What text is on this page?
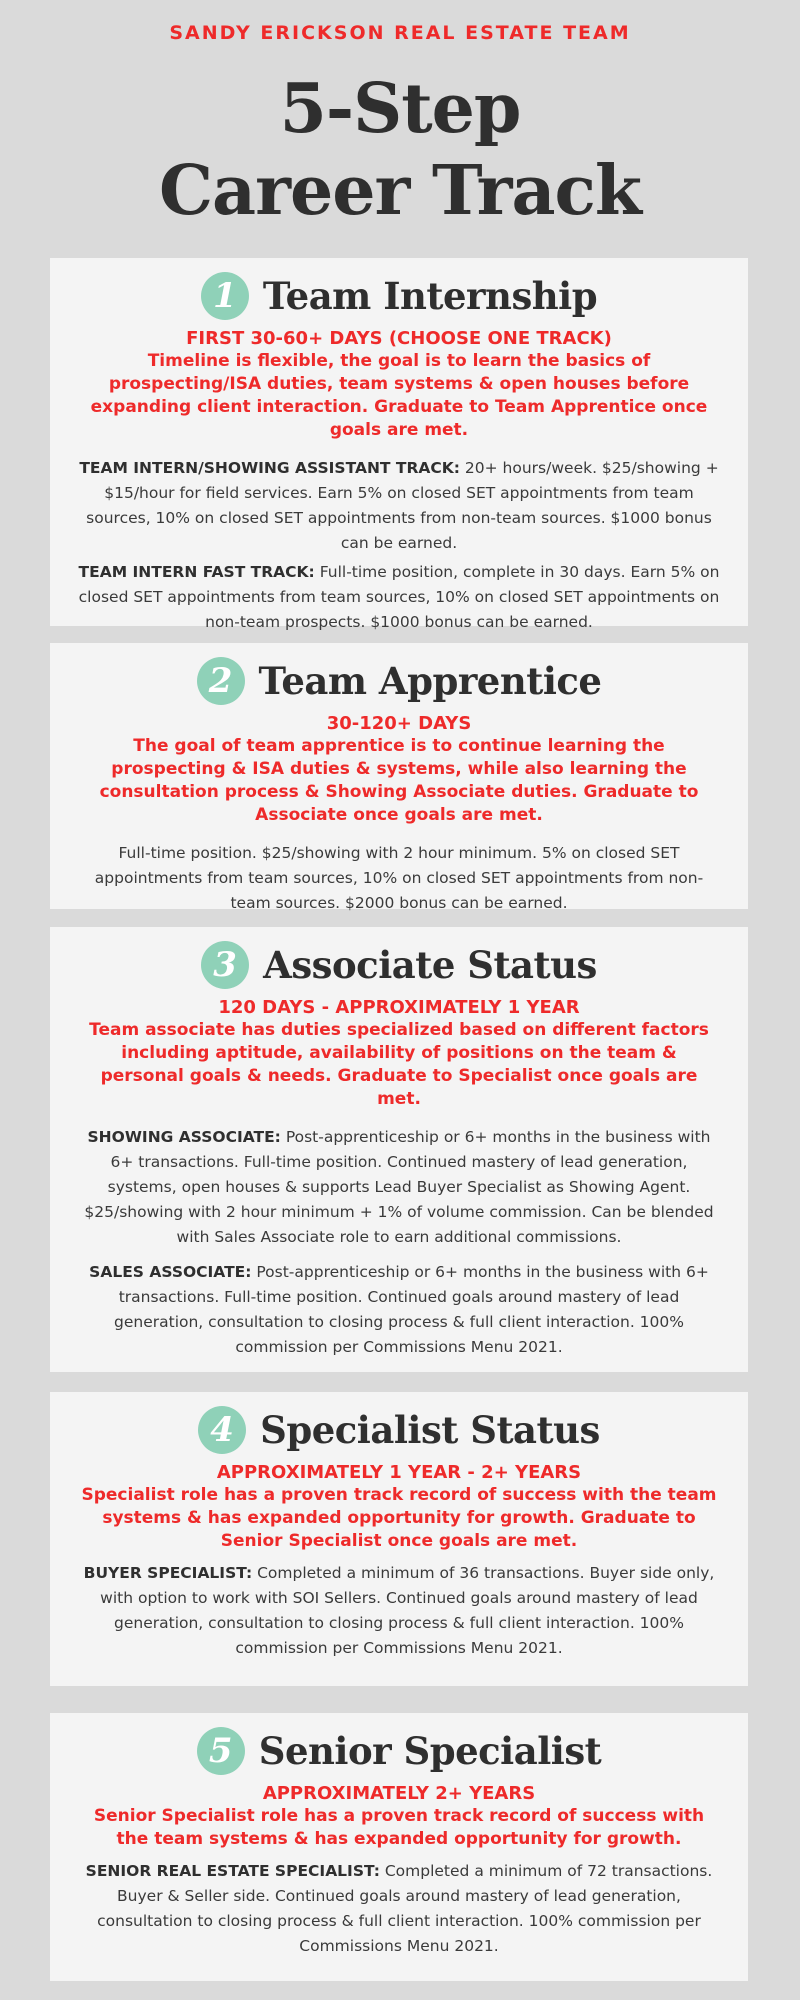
SANDY ERICKSON REAL ESTATE TEAM
5-Step
Career Track
1 Team Internship
FIRST 30-60+ DAYS (CHOOSE ONE TRACK)
Timeline is flexible, the goal is to learn the basics of prospecting/ISA duties, team systems & open houses before expanding client interaction. Graduate to Team Apprentice once goals are met.

TEAM INTERN/SHOWING ASSISTANT TRACK: 20+ hours/week. $25/showing + $15/hour for field services. Earn 5% on closed SET appointments from team sources, 10% on closed SET appointments from non-team sources. $1000 bonus can be earned.

TEAM INTERN FAST TRACK: Full-time position, complete in 30 days. Earn 5% on closed SET appointments from team sources, 10% on closed SET appointments on non-team prospects. $1000 bonus can be earned.

2 Team Apprentice
30-120+ DAYS
The goal of team apprentice is to continue learning the prospecting & ISA duties & systems, while also learning the consultation process & Showing Associate duties. Graduate to Associate once goals are met.

Full-time position. $25/showing with 2 hour minimum. 5% on closed SET appointments from team sources, 10% on closed SET appointments from non-team sources. $2000 bonus can be earned.

3 Associate Status
120 DAYS - APPROXIMATELY 1 YEAR
Team associate has duties specialized based on different factors including aptitude, availability of positions on the team & personal goals & needs. Graduate to Specialist once goals are met.

SHOWING ASSOCIATE: Post-apprenticeship or 6+ months in the business with 6+ transactions. Full-time position. Continued mastery of lead generation, systems, open houses & supports Lead Buyer Specialist as Showing Agent. $25/showing with 2 hour minimum + 1% of volume commission. Can be blended with Sales Associate role to earn additional commissions.

SALES ASSOCIATE: Post-apprenticeship or 6+ months in the business with 6+ transactions. Full-time position. Continued goals around mastery of lead generation, consultation to closing process & full client interaction. 100% commission per Commissions Menu 2021.

4 Specialist Status
APPROXIMATELY 1 YEAR - 2+ YEARS
Specialist role has a proven track record of success with the team systems & has expanded opportunity for growth. Graduate to Senior Specialist once goals are met.

BUYER SPECIALIST: Completed a minimum of 36 transactions. Buyer side only, with option to work with SOI Sellers. Continued goals around mastery of lead generation, consultation to closing process & full client interaction. 100% commission per Commissions Menu 2021.

5 Senior Specialist
APPROXIMATELY 2+ YEARS
Senior Specialist role has a proven track record of success with the team systems & has expanded opportunity for growth.

SENIOR REAL ESTATE SPECIALIST: Completed a minimum of 72 transactions. Buyer & Seller side. Continued goals around mastery of lead generation, consultation to closing process & full client interaction. 100% commission per Commissions Menu 2021.
